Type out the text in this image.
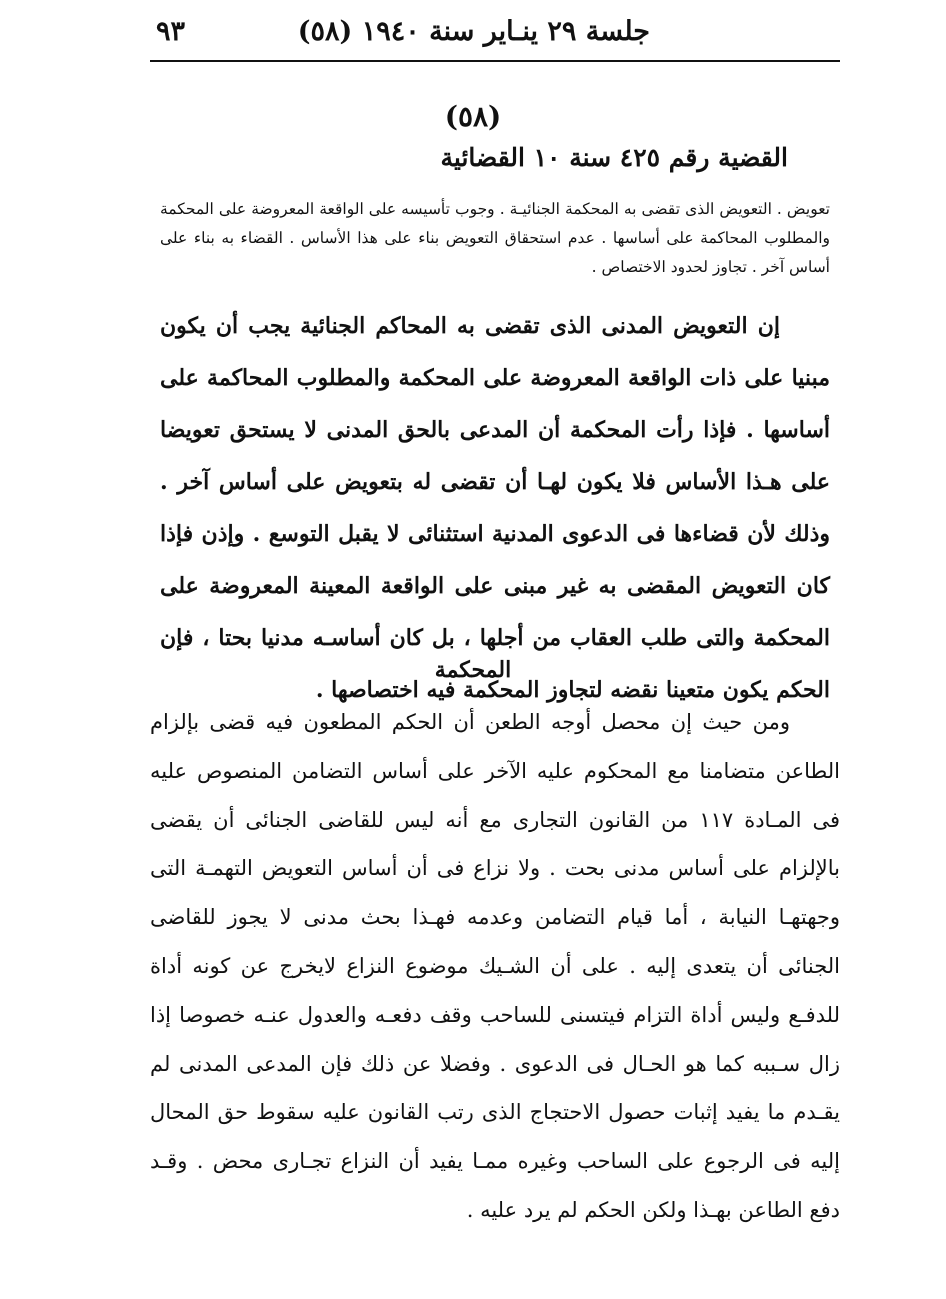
جلسة ٢٩ ينـاير سنة ١٩٤٠ (٥٨)
٩٣
(٥٨)
القضية رقم ٤٢٥ سنة ١٠ القضائية
تعويض . التعويض الذى تقضى به المحكمة الجنائيـة . وجوب تأسيسه على الواقعة المعروضة على المحكمة والمطلوب المحاكمة على أساسها . عدم استحقاق التعويض بناء على هذا الأساس . القضاء به بناء على أساس آخر . تجاوز لحدود الاختصاص .

إن التعويض المدنى الذى تقضى به المحاكم الجنائية يجب أن يكون مبنيا على ذات الواقعة المعروضة على المحكمة والمطلوب المحاكمة على أساسها . فإذا رأت المحكمة أن المدعى بالحق المدنى لا يستحق تعويضا على هـذا الأساس فلا يكون لهـا أن تقضى له بتعويض على أساس آخر . وذلك لأن قضاءها فى الدعوى المدنية استثنائى لا يقبل التوسع . وإذن فإذا كان التعويض المقضى به غير مبنى على الواقعة المعينة المعروضة على المحكمة والتى طلب العقاب من أجلها ، بل كان أساسـه مدنيا بحتا ، فإن الحكم يكون متعينا نقضه لتجاوز المحكمة فيه اختصاصها .

المحكمة

ومن حيث إن محصل أوجه الطعن أن الحكم المطعون فيه قضى بإلزام الطاعن متضامنا مع المحكوم عليه الآخر على أساس التضامن المنصوص عليه فى المـادة ١١٧ من القانون التجارى مع أنه ليس للقاضى الجنائى أن يقضى بالإلزام على أساس مدنى بحت . ولا نزاع فى أن أساس التعويض التهمـة التى وجهتهـا النيابة ، أما قيام التضامن وعدمه فهـذا بحث مدنى لا يجوز للقاضى الجنائى أن يتعدى إليه . على أن الشـيك موضوع النزاع لايخرج عن كونه أداة للدفـع وليس أداة التزام فيتسنى للساحب وقف دفعـه والعدول عنـه خصوصا إذا زال سـببه كما هو الحـال فى الدعوى . وفضلا عن ذلك فإن المدعى المدنى لم يقـدم ما يفيد إثبات حصول الاحتجاج الذى رتب القانون عليه سقوط حق المحال إليه فى الرجوع على الساحب وغيره ممـا يفيد أن النزاع تجـارى محض . وقـد دفع الطاعن بهـذا ولكن الحكم لم يرد عليه .
